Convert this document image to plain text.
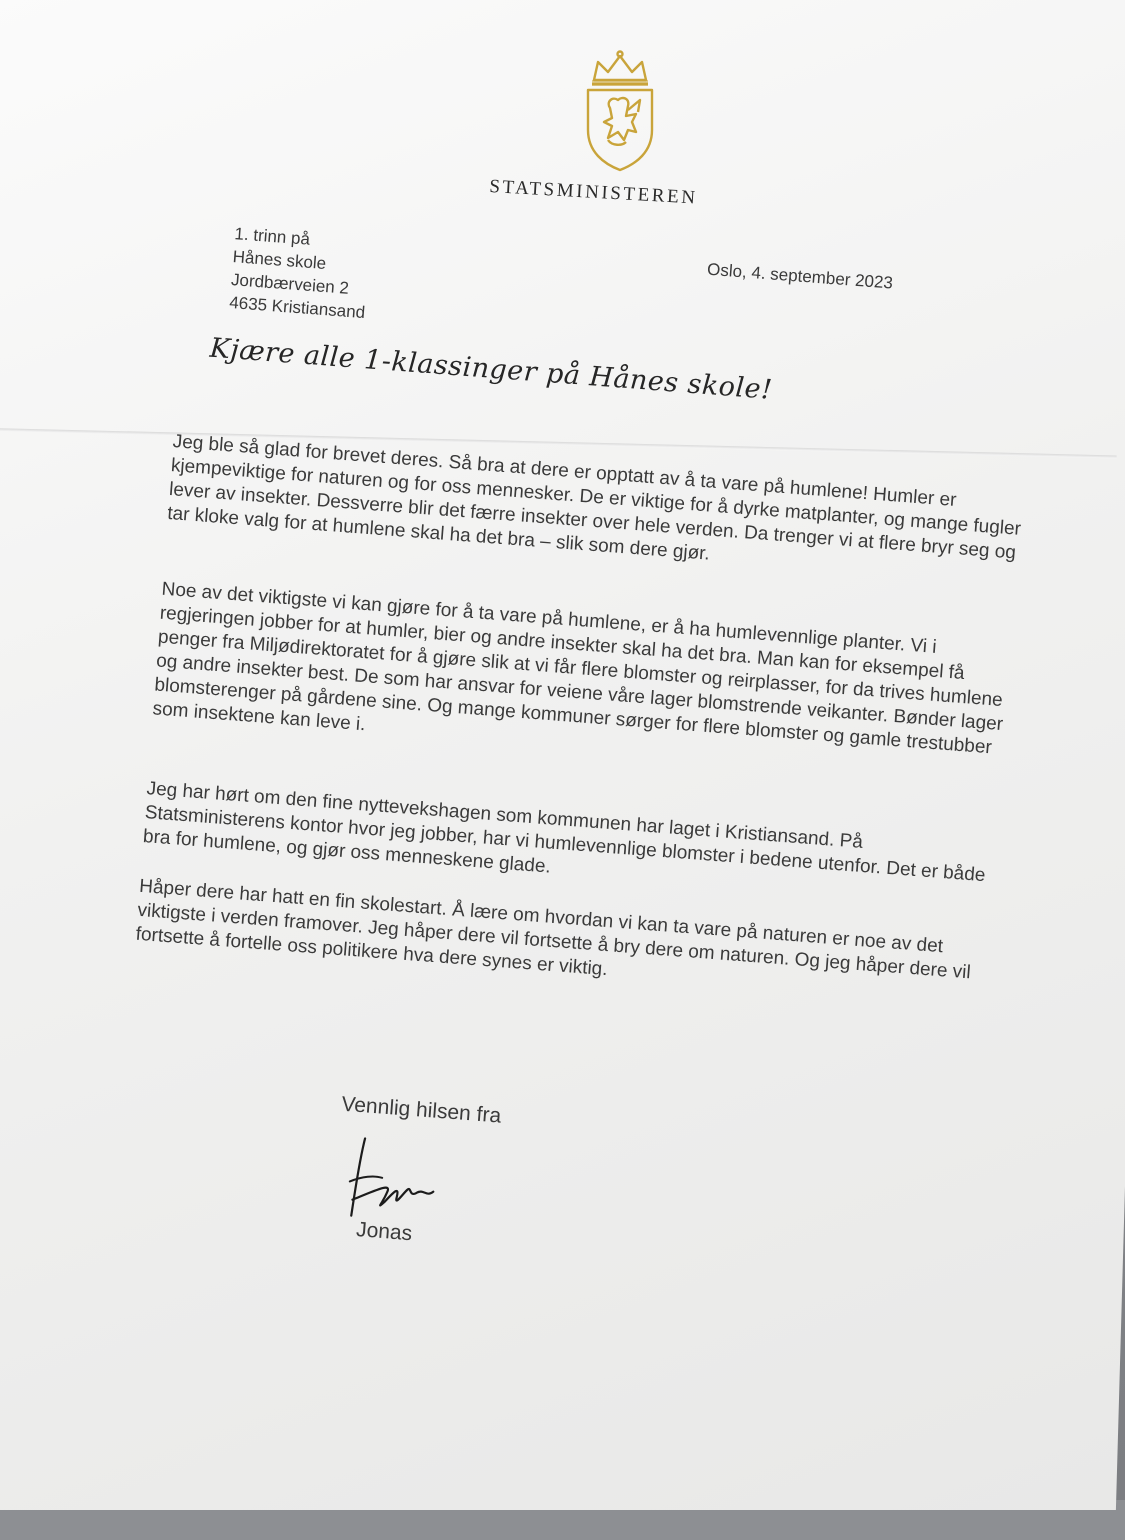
STATSMINISTEREN
1. trinn på
Hånes skole
Jordbærveien 2
4635 Kristiansand
Oslo, 4. september 2023
Kjære alle 1-klassinger på Hånes skole!

Jeg ble så glad for brevet deres. Så bra at dere er opptatt av å ta vare på humlene! Humler er kjempeviktige for naturen og for oss mennesker. De er viktige for å dyrke matplanter, og mange fugler lever av insekter. Dessverre blir det færre insekter over hele verden. Da trenger vi at flere bryr seg og tar kloke valg for at humlene skal ha det bra – slik som dere gjør.

Noe av det viktigste vi kan gjøre for å ta vare på humlene, er å ha humlevennlige planter. Vi i regjeringen jobber for at humler, bier og andre insekter skal ha det bra. Man kan for eksempel få penger fra Miljødirektoratet for å gjøre slik at vi får flere blomster og reirplasser, for da trives humlene og andre insekter best. De som har ansvar for veiene våre lager blomstrende veikanter. Bønder lager blomsterenger på gårdene sine. Og mange kommuner sørger for flere blomster og gamle trestubber som insektene kan leve i.

Jeg har hørt om den fine nyttevekshagen som kommunen har laget i Kristiansand. På Statsministerens kontor hvor jeg jobber, har vi humlevennlige blomster i bedene utenfor. Det er både bra for humlene, og gjør oss menneskene glade.

Håper dere har hatt en fin skolestart. Å lære om hvordan vi kan ta vare på naturen er noe av det viktigste i verden framover. Jeg håper dere vil fortsette å bry dere om naturen. Og jeg håper dere vil fortsette å fortelle oss politikere hva dere synes er viktig.

Vennlig hilsen fra
Jonas
